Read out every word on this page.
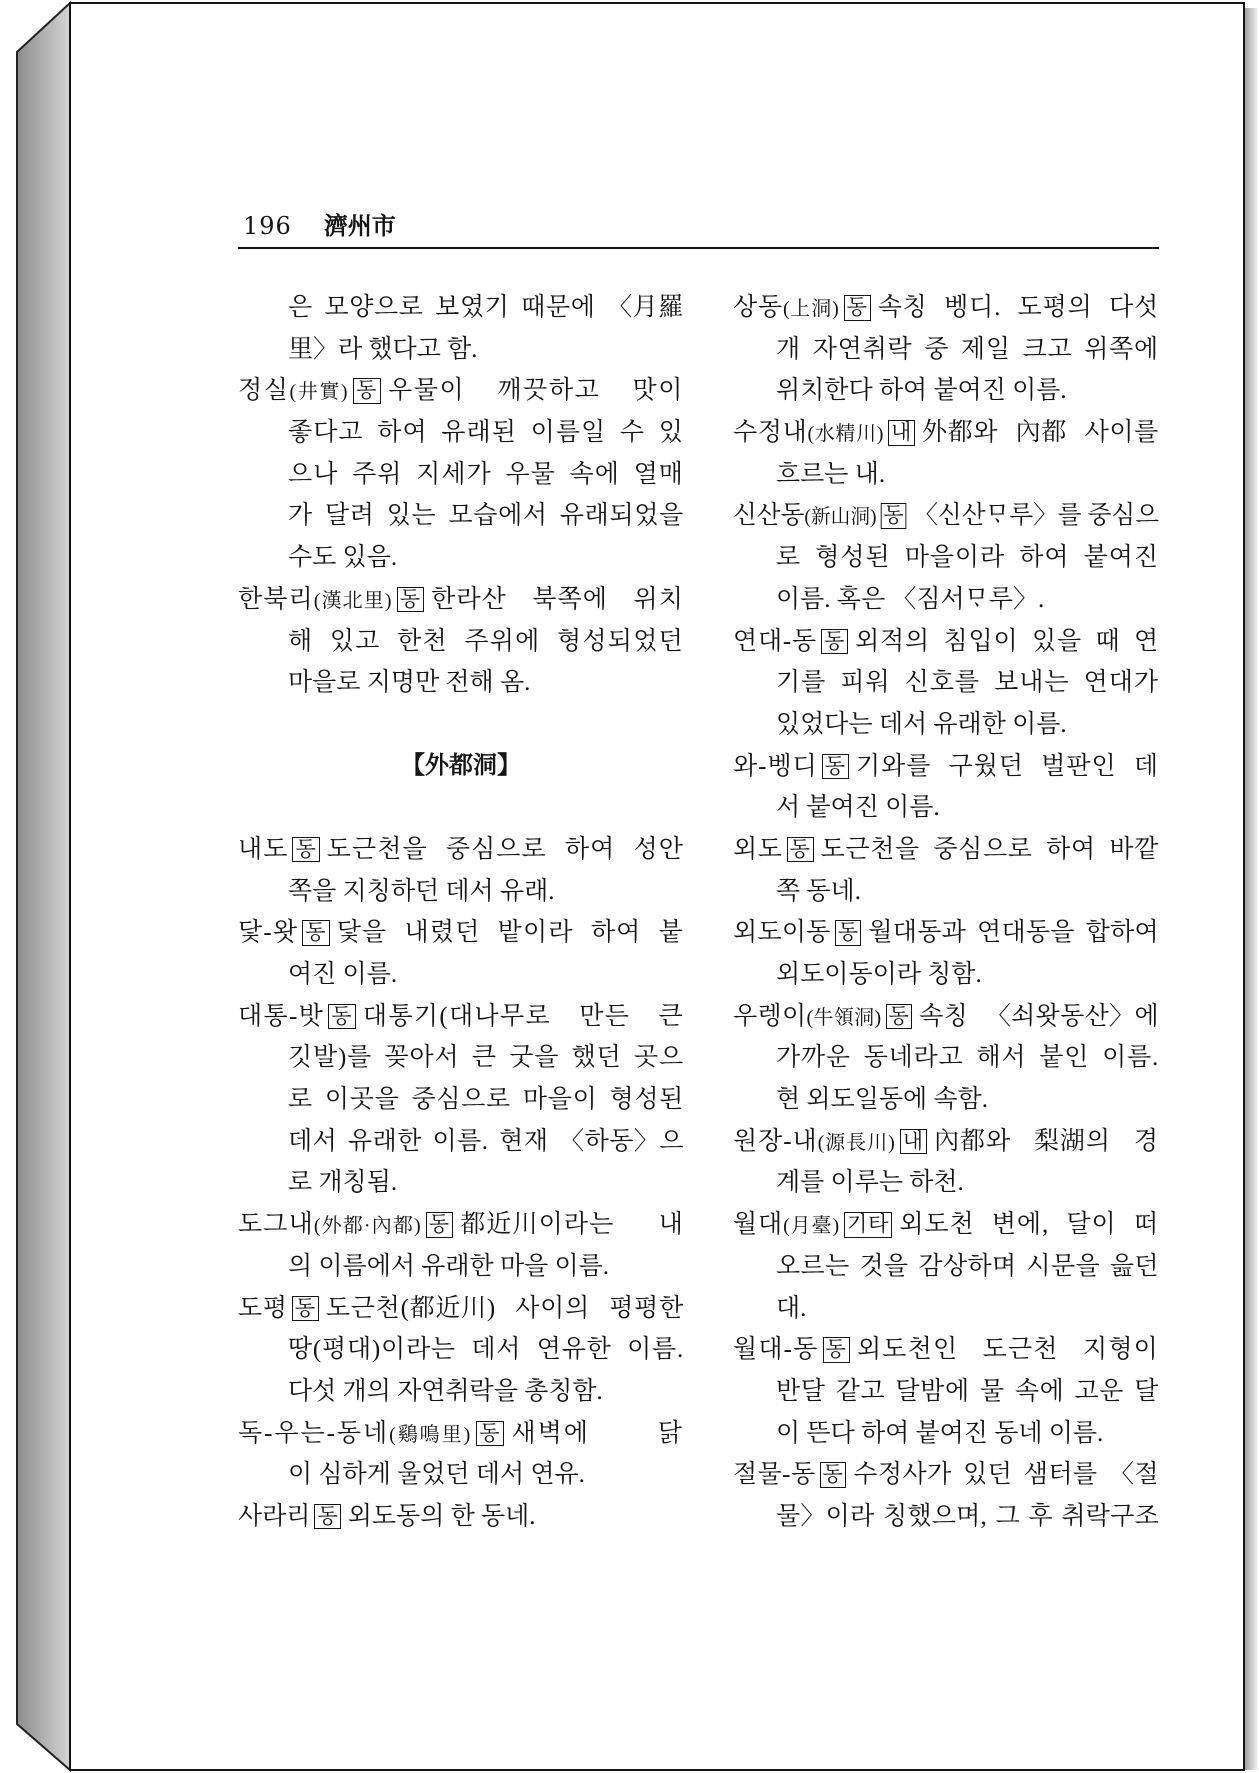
196 濟州市
은 모양으로 보였기 때문에 〈月羅
里〉라 했다고 함.
정실(井實) 동 우물이 깨끗하고 맛이
좋다고 하여 유래된 이름일 수 있
으나 주위 지세가 우물 속에 열매
가 달려 있는 모습에서 유래되었을
수도 있음.
한북리(漢北里) 동 한라산 북쪽에 위치
해 있고 한천 주위에 형성되었던
마을로 지명만 전해 옴.
【外都洞】
내도 동 도근천을 중심으로 하여 성안
쪽을 지칭하던 데서 유래.
닻-왓 동 닻을 내렸던 밭이라 하여 붙
여진 이름.
대통-밧 동 대통기(대나무로 만든 큰
깃발)를 꽂아서 큰 굿을 했던 곳으
로 이곳을 중심으로 마을이 형성된
데서 유래한 이름. 현재 〈하동〉으
로 개칭됨.
도그내(外都·內都) 동 都近川이라는 내
의 이름에서 유래한 마을 이름.
도평 동 도근천(都近川) 사이의 평평한
땅(평대)이라는 데서 연유한 이름.
다섯 개의 자연취락을 총칭함.
독-우는-동네(鷄鳴里) 동 새벽에 닭
이 심하게 울었던 데서 연유.
사라리 동 외도동의 한 동네.
상동(上洞) 동 속칭 벵디. 도평의 다섯
개 자연취락 중 제일 크고 위쪽에
위치한다 하여 붙여진 이름.
수정내(水精川) 내 外都와 內都 사이를
흐르는 내.
신산동(新山洞) 동 〈신산ᄆᆞ루〉를 중심으
로 형성된 마을이라 하여 붙여진
이름. 혹은 〈짐서ᄆᆞ루〉.
연대-동 동 외적의 침입이 있을 때 연
기를 피워 신호를 보내는 연대가
있었다는 데서 유래한 이름.
와-벵디 동 기와를 구웠던 벌판인 데
서 붙여진 이름.
외도 동 도근천을 중심으로 하여 바깥
쪽 동네.
외도이동 동 월대동과 연대동을 합하여
외도이동이라 칭함.
우렝이(牛領洞) 동 속칭 〈쇠왓동산〉에
가까운 동네라고 해서 붙인 이름.
현 외도일동에 속함.
원장-내(源長川) 내 內都와 梨湖의 경
계를 이루는 하천.
월대(月臺) 기타 외도천 변에, 달이 떠
오르는 것을 감상하며 시문을 읊던
대.
월대-동 동 외도천인 도근천 지형이
반달 같고 달밤에 물 속에 고운 달
이 뜬다 하여 붙여진 동네 이름.
절물-동 동 수정사가 있던 샘터를 〈절
물〉이라 칭했으며, 그 후 취락구조
